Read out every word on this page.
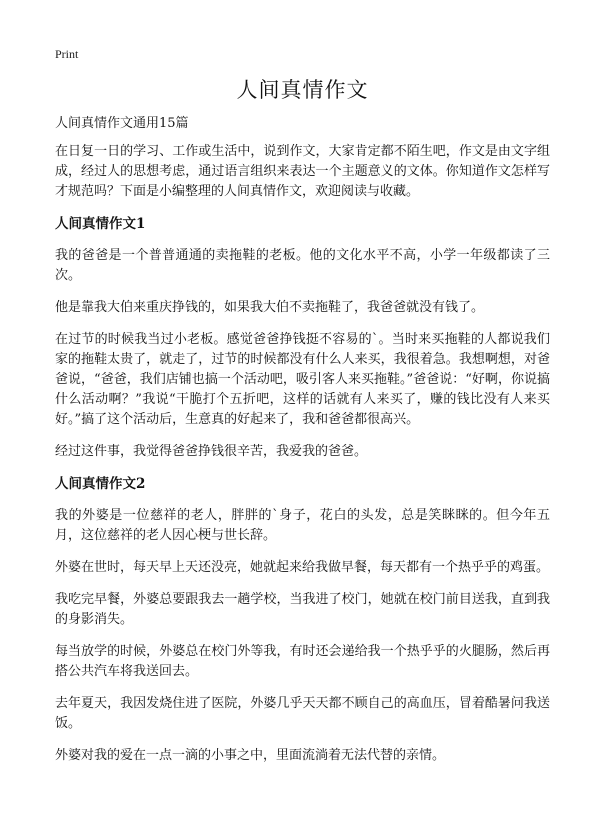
Print
人间真情作文
人间真情作文通用15篇

在日复一日的学习、工作或生活中，说到作文，大家肯定都不陌生吧，作文是由文字组成，经过人的思想考虑，通过语言组织来表达一个主题意义的文体。你知道作文怎样写才规范吗？下面是小编整理的人间真情作文，欢迎阅读与收藏。

人间真情作文1

我的爸爸是一个普普通通的卖拖鞋的老板。他的文化水平不高，小学一年级都读了三次。

他是靠我大伯来重庆挣钱的，如果我大伯不卖拖鞋了，我爸爸就没有钱了。

在过节的时候我当过小老板。感觉爸爸挣钱挺不容易的`。当时来买拖鞋的人都说我们家的拖鞋太贵了，就走了，过节的时候都没有什么人来买，我很着急。我想啊想，对爸爸说，“爸爸，我们店铺也搞一个活动吧，吸引客人来买拖鞋。”爸爸说：“好啊，你说搞什么活动啊？”我说“干脆打个五折吧，这样的话就有人来买了，赚的钱比没有人来买好。”搞了这个活动后，生意真的好起来了，我和爸爸都很高兴。

经过这件事，我觉得爸爸挣钱很辛苦，我爱我的爸爸。

人间真情作文2

我的外婆是一位慈祥的老人，胖胖的`身子，花白的头发，总是笑眯眯的。但今年五月，这位慈祥的老人因心梗与世长辞。

外婆在世时，每天早上天还没亮，她就起来给我做早餐，每天都有一个热乎乎的鸡蛋。

我吃完早餐，外婆总要跟我去一趟学校，当我进了校门，她就在校门前目送我，直到我的身影消失。

每当放学的时候，外婆总在校门外等我，有时还会递给我一个热乎乎的火腿肠，然后再搭公共汽车将我送回去。

去年夏天，我因发烧住进了医院，外婆几乎天天都不顾自己的高血压，冒着酷暑问我送饭。

外婆对我的爱在一点一滴的小事之中，里面流淌着无法代替的亲情。
